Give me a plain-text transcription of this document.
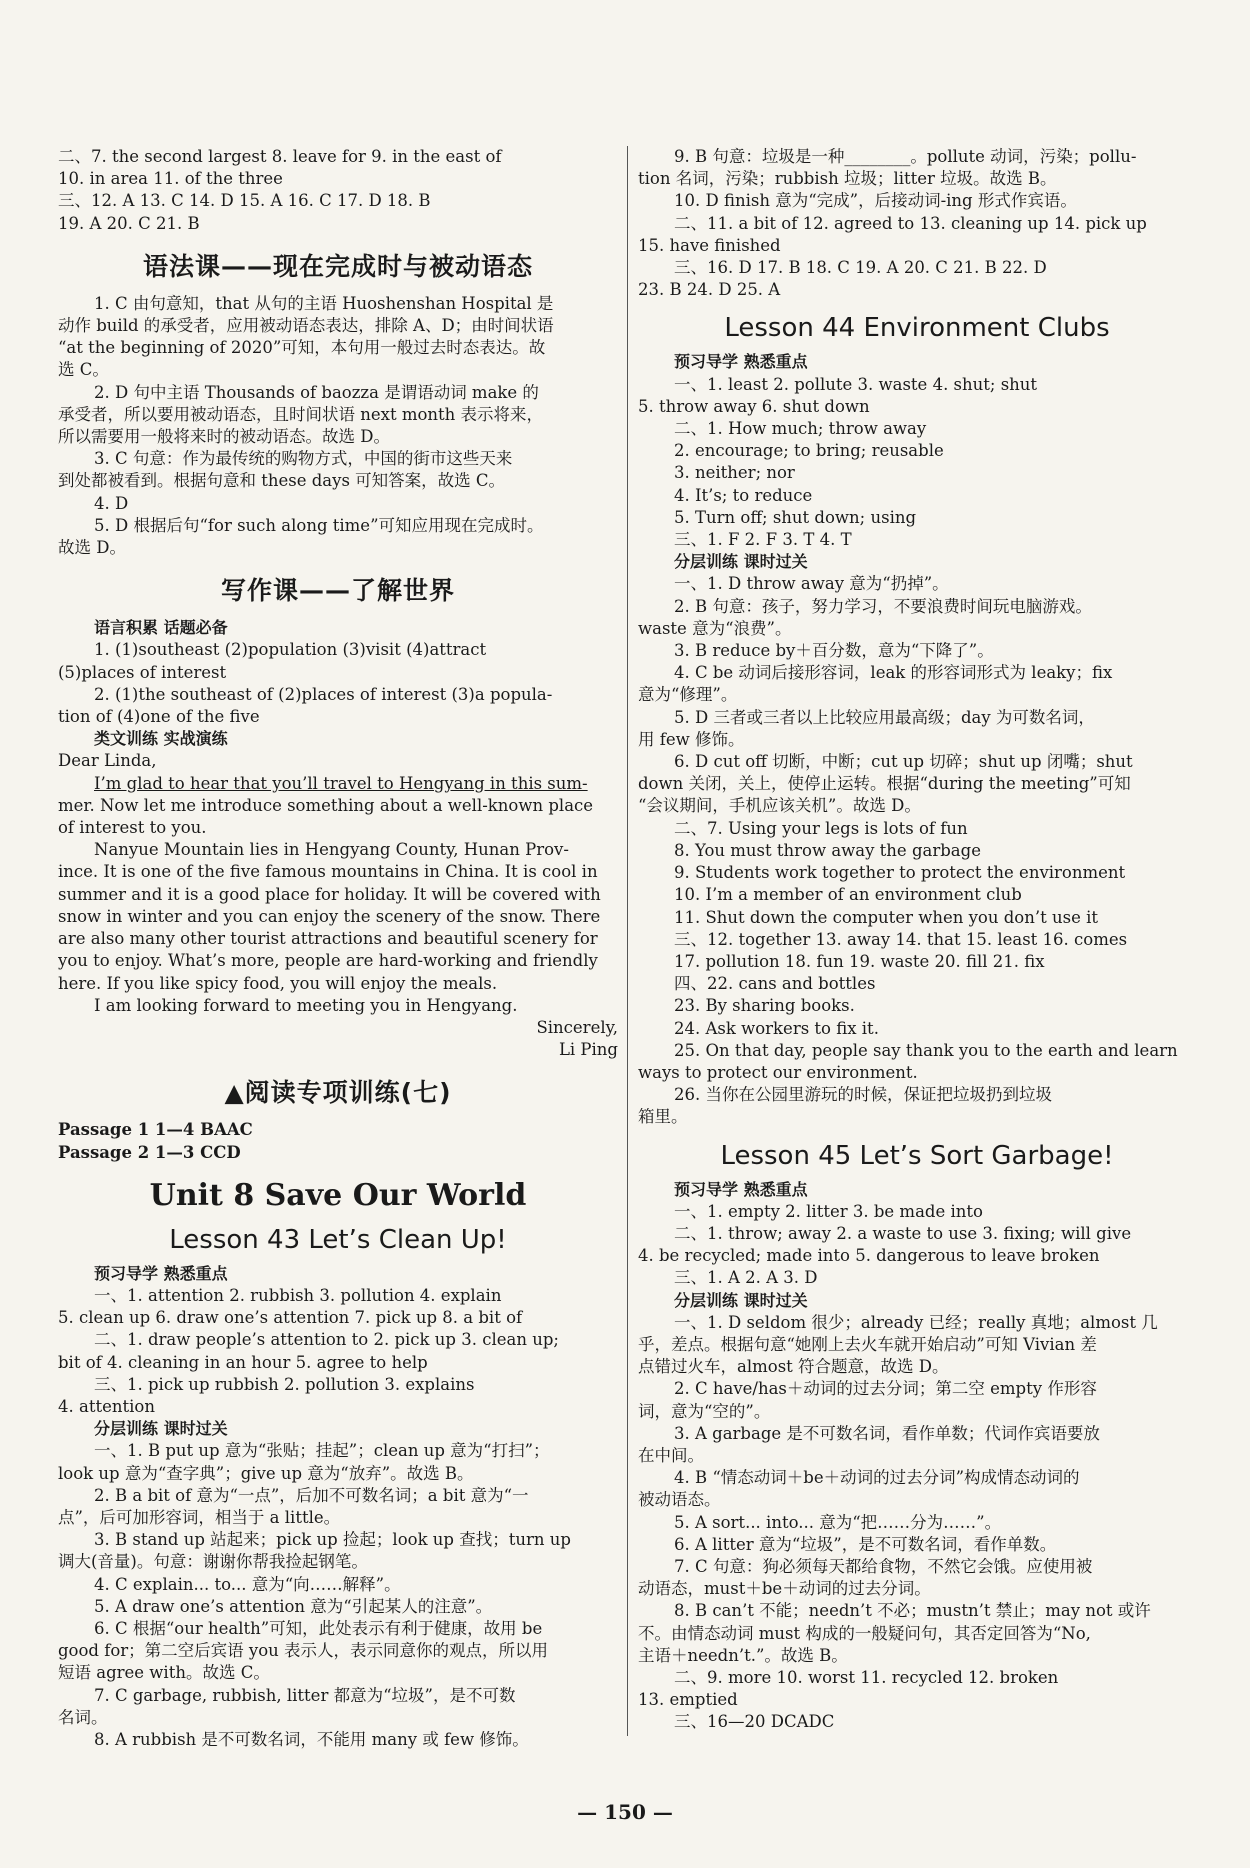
二、7. the second largest 8. leave for 9. in the east of
10. in area 11. of the three
三、12. A 13. C 14. D 15. A 16. C 17. D 18. B
19. A 20. C 21. B
语法课——现在完成时与被动语态
1. C 由句意知，that 从句的主语 Huoshenshan Hospital 是
动作 build 的承受者，应用被动语态表达，排除 A、D；由时间状语
“at the beginning of 2020”可知，本句用一般过去时态表达。故
选 C。
2. D 句中主语 Thousands of baozza 是谓语动词 make 的
承受者，所以要用被动语态，且时间状语 next month 表示将来，
所以需要用一般将来时的被动语态。故选 D。
3. C 句意：作为最传统的购物方式，中国的街市这些天来
到处都被看到。根据句意和 these days 可知答案，故选 C。
4. D
5. D 根据后句“for such along time”可知应用现在完成时。
故选 D。
写作课——了解世界
语言积累 话题必备
1. (1)southeast (2)population (3)visit (4)attract
(5)places of interest
2. (1)the southeast of (2)places of interest (3)a popula-
tion of (4)one of the five
类文训练 实战演练
Dear Linda,
I’m glad to hear that you’ll travel to Hengyang in this sum-
mer. Now let me introduce something about a well-known place
of interest to you.
Nanyue Mountain lies in Hengyang County, Hunan Prov-
ince. It is one of the five famous mountains in China. It is cool in
summer and it is a good place for holiday. It will be covered with
snow in winter and you can enjoy the scenery of the snow. There
are also many other tourist attractions and beautiful scenery for
you to enjoy. What’s more, people are hard-working and friendly
here. If you like spicy food, you will enjoy the meals.
I am looking forward to meeting you in Hengyang.
Sincerely,
Li Ping
▲阅读专项训练(七)
Passage 1 1—4 BAAC
Passage 2 1—3 CCD
Unit 8 Save Our World
Lesson 43 Let’s Clean Up!
预习导学 熟悉重点
一、1. attention 2. rubbish 3. pollution 4. explain
5. clean up 6. draw one’s attention 7. pick up 8. a bit of
二、1. draw people’s attention to 2. pick up 3. clean up;
bit of 4. cleaning in an hour 5. agree to help
三、1. pick up rubbish 2. pollution 3. explains
4. attention
分层训练 课时过关
一、1. B put up 意为“张贴；挂起”；clean up 意为“打扫”；
look up 意为“查字典”；give up 意为“放弃”。故选 B。
2. B a bit of 意为“一点”，后加不可数名词；a bit 意为“一
点”，后可加形容词，相当于 a little。
3. B stand up 站起来；pick up 捡起；look up 查找；turn up
调大(音量)。句意：谢谢你帮我捡起钢笔。
4. C explain... to... 意为“向……解释”。
5. A draw one’s attention 意为“引起某人的注意”。
6. C 根据“our health”可知，此处表示有利于健康，故用 be
good for；第二空后宾语 you 表示人，表示同意你的观点，所以用
短语 agree with。故选 C。
7. C garbage, rubbish, litter 都意为“垃圾”，是不可数
名词。
8. A rubbish 是不可数名词，不能用 many 或 few 修饰。
9. B 句意：垃圾是一种________。pollute 动词，污染；pollu-
tion 名词，污染；rubbish 垃圾；litter 垃圾。故选 B。
10. D finish 意为“完成”，后接动词-ing 形式作宾语。
二、11. a bit of 12. agreed to 13. cleaning up 14. pick up
15. have finished
三、16. D 17. B 18. C 19. A 20. C 21. B 22. D
23. B 24. D 25. A
Lesson 44 Environment Clubs
预习导学 熟悉重点
一、1. least 2. pollute 3. waste 4. shut; shut
5. throw away 6. shut down
二、1. How much; throw away
2. encourage; to bring; reusable
3. neither; nor
4. It’s; to reduce
5. Turn off; shut down; using
三、1. F 2. F 3. T 4. T
分层训练 课时过关
一、1. D throw away 意为“扔掉”。
2. B 句意：孩子，努力学习，不要浪费时间玩电脑游戏。
waste 意为“浪费”。
3. B reduce by＋百分数，意为“下降了”。
4. C be 动词后接形容词，leak 的形容词形式为 leaky；fix
意为“修理”。
5. D 三者或三者以上比较应用最高级；day 为可数名词，
用 few 修饰。
6. D cut off 切断，中断；cut up 切碎；shut up 闭嘴；shut
down 关闭，关上，使停止运转。根据“during the meeting”可知
“会议期间，手机应该关机”。故选 D。
二、7. Using your legs is lots of fun
8. You must throw away the garbage
9. Students work together to protect the environment
10. I’m a member of an environment club
11. Shut down the computer when you don’t use it
三、12. together 13. away 14. that 15. least 16. comes
17. pollution 18. fun 19. waste 20. fill 21. fix
四、22. cans and bottles
23. By sharing books.
24. Ask workers to fix it.
25. On that day, people say thank you to the earth and learn
ways to protect our environment.
26. 当你在公园里游玩的时候，保证把垃圾扔到垃圾
箱里。
Lesson 45 Let’s Sort Garbage!
预习导学 熟悉重点
一、1. empty 2. litter 3. be made into
二、1. throw; away 2. a waste to use 3. fixing; will give
4. be recycled; made into 5. dangerous to leave broken
三、1. A 2. A 3. D
分层训练 课时过关
一、1. D seldom 很少；already 已经；really 真地；almost 几
乎，差点。根据句意“她刚上去火车就开始启动”可知 Vivian 差
点错过火车，almost 符合题意，故选 D。
2. C have/has＋动词的过去分词；第二空 empty 作形容
词，意为“空的”。
3. A garbage 是不可数名词，看作单数；代词作宾语要放
在中间。
4. B “情态动词＋be＋动词的过去分词”构成情态动词的
被动语态。
5. A sort... into... 意为“把……分为……”。
6. A litter 意为“垃圾”，是不可数名词，看作单数。
7. C 句意：狗必须每天都给食物，不然它会饿。应使用被
动语态，must＋be＋动词的过去分词。
8. B can’t 不能；needn’t 不必；mustn’t 禁止；may not 或许
不。由情态动词 must 构成的一般疑问句，其否定回答为“No,
主语＋needn’t.”。故选 B。
二、9. more 10. worst 11. recycled 12. broken
13. emptied
三、16—20 DCADC
— 150 —
